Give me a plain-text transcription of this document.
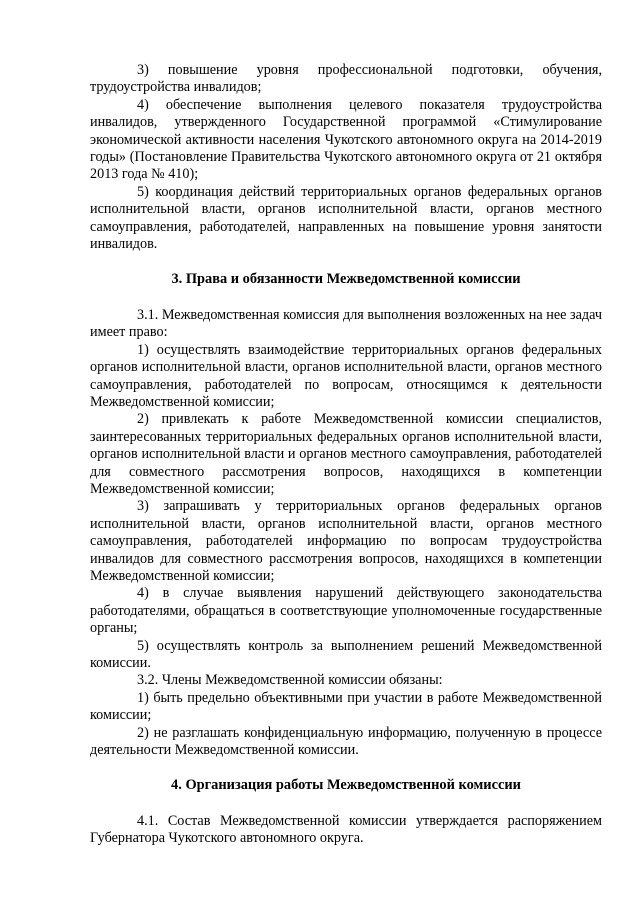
3) повышение уровня профессиональной подготовки, обучения, трудоустройства инвалидов;

4) обеспечение выполнения целевого показателя трудоустройства инвалидов, утвержденного Государственной программой «Стимулирование экономической активности населения Чукотского автономного округа на 2014-2019 годы» (Постановление Правительства Чукотского автономного округа от 21 октября 2013 года № 410);

5) координация действий территориальных органов федеральных органов исполнительной власти, органов исполнительной власти, органов местного самоуправления, работодателей, направленных на повышение уровня занятости инвалидов.

3. Права и обязанности Межведомственной комиссии

3.1. Межведомственная комиссия для выполнения возложенных на нее задач имеет право:

1) осуществлять взаимодействие территориальных органов федеральных органов исполнительной власти, органов исполнительной власти, органов местного самоуправления, работодателей по вопросам, относящимся к деятельности Межведомственной комиссии;

2) привлекать к работе Межведомственной комиссии специалистов, заинтересованных территориальных федеральных органов исполнительной власти, органов исполнительной власти и органов местного самоуправления, работодателей для совместного рассмотрения вопросов, находящихся в компетенции Межведомственной комиссии;

3) запрашивать у территориальных органов федеральных органов исполнительной власти, органов исполнительной власти, органов местного самоуправления, работодателей информацию по вопросам трудоустройства инвалидов для совместного рассмотрения вопросов, находящихся в компетенции Межведомственной комиссии;

4) в случае выявления нарушений действующего законодательства работодателями, обращаться в соответствующие уполномоченные государственные органы;

5) осуществлять контроль за выполнением решений Межведомственной комиссии.

3.2. Члены Межведомственной комиссии обязаны:

1) быть предельно объективными при участии в работе Межведомственной комиссии;

2) не разглашать конфиденциальную информацию, полученную в процессе деятельности Межведомственной комиссии.

4. Организация работы Межведомственной комиссии

4.1. Состав Межведомственной комиссии утверждается распоряжением Губернатора Чукотского автономного округа.
